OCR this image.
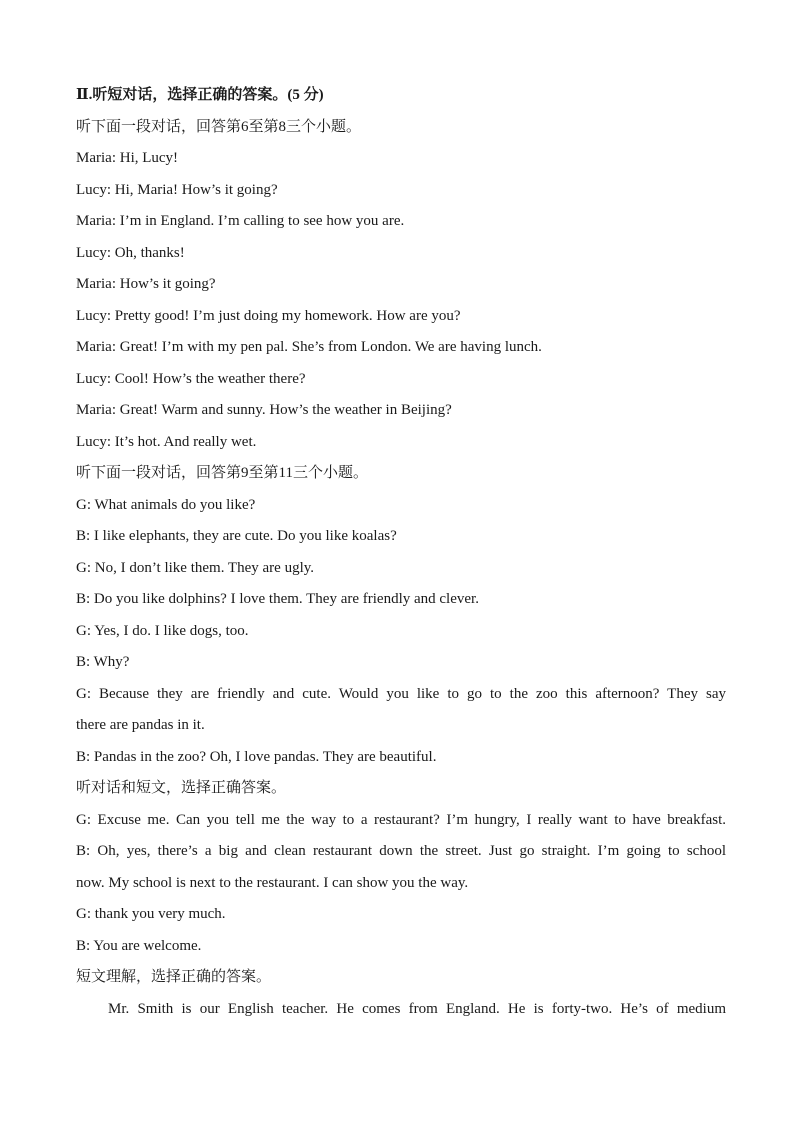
Ⅱ.听短对话，选择正确的答案。(5 分)
听下面一段对话，回答第6至第8三个小题。
Maria: Hi, Lucy!
Lucy: Hi, Maria! How’s it going?
Maria: I’m in England. I’m calling to see how you are.
Lucy: Oh, thanks!
Maria: How’s it going?
Lucy: Pretty good! I’m just doing my homework. How are you?
Maria: Great! I’m with my pen pal. She’s from London. We are having lunch.
Lucy: Cool! How’s the weather there?
Maria: Great! Warm and sunny. How’s the weather in Beijing?
Lucy: It’s hot. And really wet.
听下面一段对话，回答第9至第11三个小题。
G: What animals do you like?
B: I like elephants, they are cute. Do you like koalas?
G: No, I don’t like them. They are ugly.
B: Do you like dolphins? I love them. They are friendly and clever.
G: Yes, I do. I like dogs, too.
B: Why?
G: Because they are friendly and cute. Would you like to go to the zoo this afternoon? They say
there are pandas in it.
B: Pandas in the zoo? Oh, I love pandas. They are beautiful.
听对话和短文，选择正确答案。
G: Excuse me. Can you tell me the way to a restaurant? I’m hungry, I really want to have breakfast.
B: Oh, yes, there’s a big and clean restaurant down the street. Just go straight. I’m going to school
now. My school is next to the restaurant. I can show you the way.
G: thank you very much.
B: You are welcome.
短文理解，选择正确的答案。
Mr. Smith is our English teacher. He comes from England. He is forty-two. He’s of medium
